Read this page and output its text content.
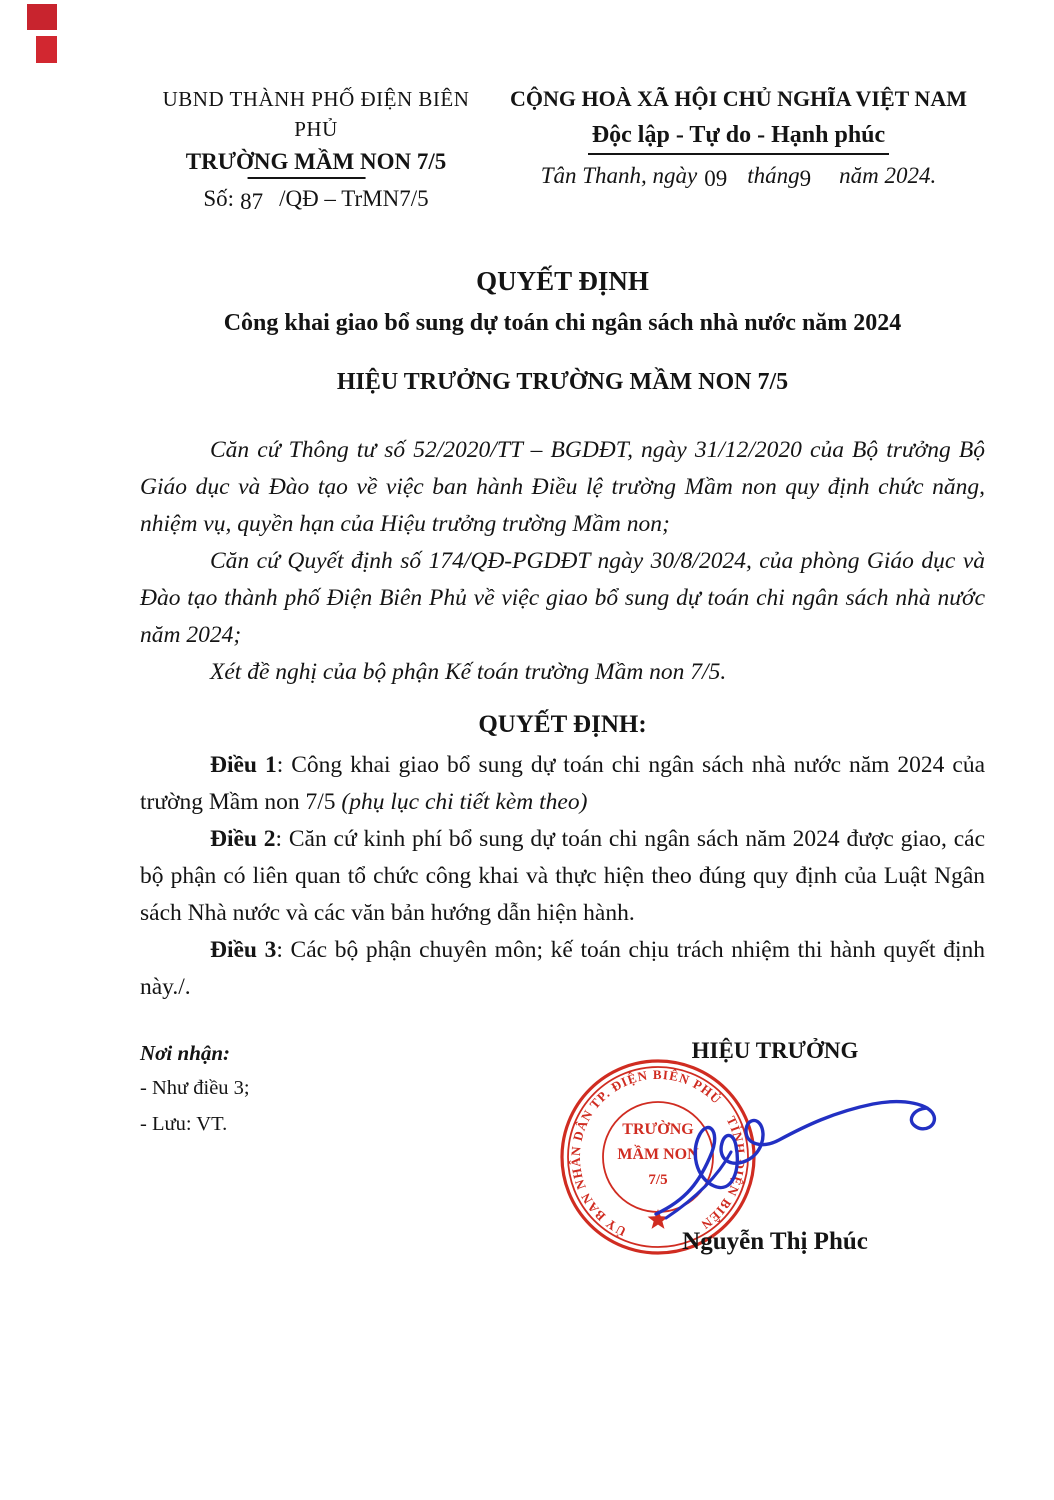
UBND THÀNH PHỐ ĐIỆN BIÊN PHỦ
TRƯỜNG MẦM NON 7/5
Số: 87 /QĐ – TrMN7/5
CỘNG HOÀ XÃ HỘI CHỦ NGHĨA VIỆT NAM
Độc lập - Tự do - Hạnh phúc
Tân Thanh, ngày 09 tháng9 năm 2024.
QUYẾT ĐỊNH
Công khai giao bổ sung dự toán chi ngân sách nhà nước năm 2024
HIỆU TRƯỞNG TRƯỜNG MẦM NON 7/5

Căn cứ Thông tư số 52/2020/TT – BGDĐT, ngày 31/12/2020 của Bộ trưởng Bộ Giáo dục và Đào tạo về việc ban hành Điều lệ trường Mầm non quy định chức năng, nhiệm vụ, quyền hạn của Hiệu trưởng trường Mầm non;

Căn cứ Quyết định số 174/QĐ-PGDĐT ngày 30/8/2024, của phòng Giáo dục và Đào tạo thành phố Điện Biên Phủ về việc giao bổ sung dự toán chi ngân sách nhà nước năm 2024;

Xét đề nghị của bộ phận Kế toán trường Mầm non 7/5.

QUYẾT ĐỊNH:

Điều 1: Công khai giao bổ sung dự toán chi ngân sách nhà nước năm 2024 của trường Mầm non 7/5 (phụ lục chi tiết kèm theo)

Điều 2: Căn cứ kinh phí bổ sung dự toán chi ngân sách năm 2024 được giao, các bộ phận có liên quan tổ chức công khai và thực hiện theo đúng quy định của Luật Ngân sách Nhà nước và các văn bản hướng dẫn hiện hành.

Điều 3: Các bộ phận chuyên môn; kế toán chịu trách nhiệm thi hành quyết định này./.

Nơi nhận:
- Như điều 3;
- Lưu: VT.
HIỆU TRƯỞNG
ỦY BAN NHÂN DÂN TP. ĐIỆN BIÊN PHỦ
TỈNH ĐIỆN BIÊN
TRƯỜNG
MẦM NON
7/5
Nguyễn Thị Phúc
